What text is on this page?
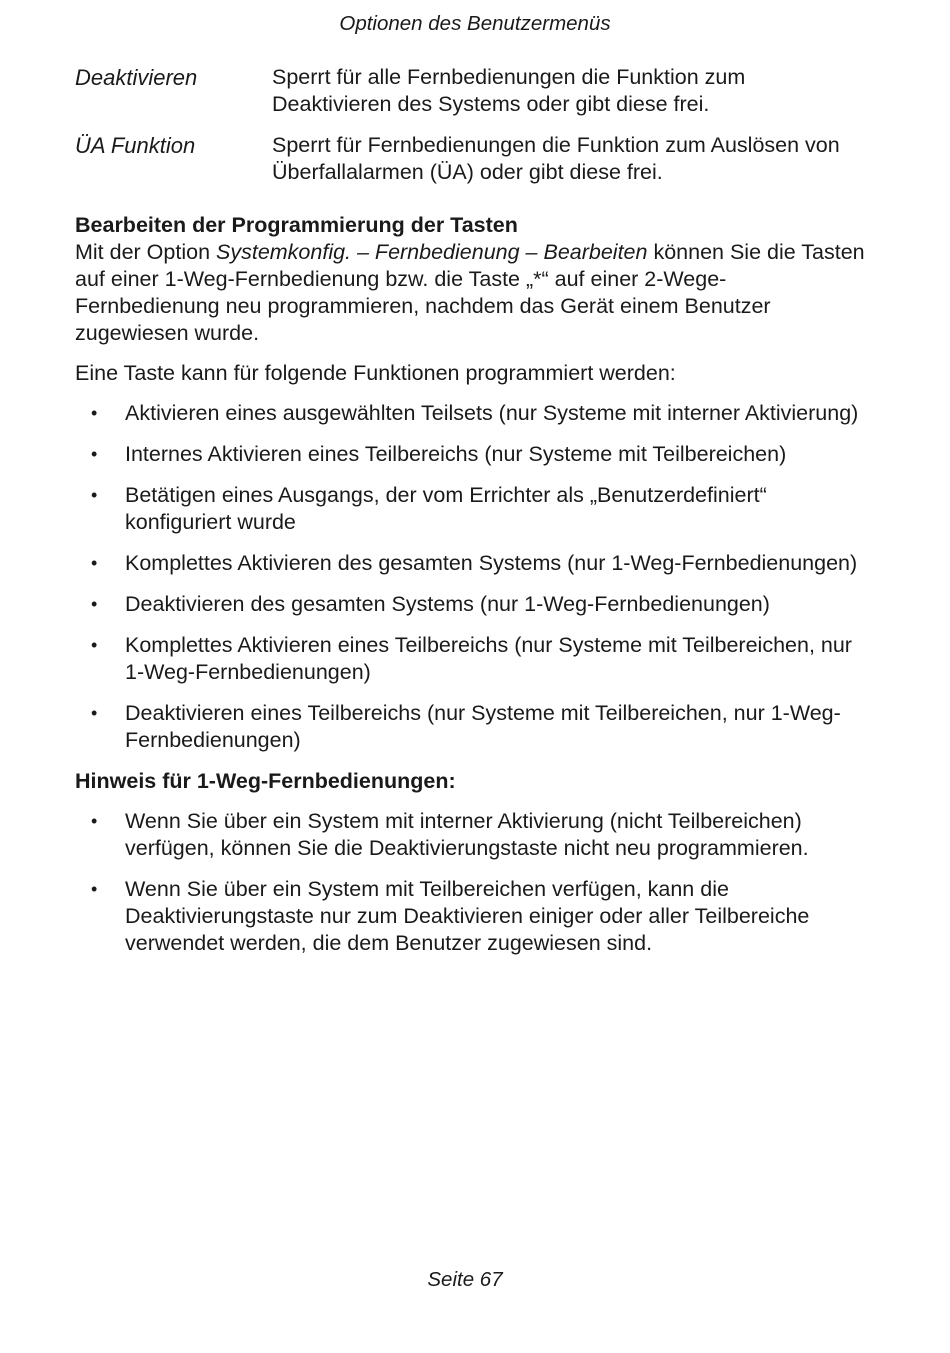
Optionen des Benutzermenüs
Deaktivieren	Sperrt für alle Fernbedienungen die Funktion zum Deaktivieren des Systems oder gibt diese frei.
ÜA Funktion	Sperrt für Fernbedienungen die Funktion zum Auslösen von Überfallalarmen (ÜA) oder gibt diese frei.
Bearbeiten der Programmierung der Tasten

Mit der Option Systemkonfig. – Fernbedienung – Bearbeiten können Sie die Tasten auf einer 1-Weg-Fernbedienung bzw. die Taste „*“ auf einer 2-Wege-Fernbedienung neu programmieren, nachdem das Gerät einem Benutzer zugewiesen wurde.

Eine Taste kann für folgende Funktionen programmiert werden:

• Aktivieren eines ausgewählten Teilsets (nur Systeme mit interner Aktivierung)
• Internes Aktivieren eines Teilbereichs (nur Systeme mit Teilbereichen)
• Betätigen eines Ausgangs, der vom Errichter als „Benutzerdefiniert“ konfiguriert wurde
• Komplettes Aktivieren des gesamten Systems (nur 1-Weg-Fernbedienungen)
• Deaktivieren des gesamten Systems (nur 1-Weg-Fernbedienungen)
• Komplettes Aktivieren eines Teilbereichs (nur Systeme mit Teilbereichen, nur 1-Weg-Fernbedienungen)
• Deaktivieren eines Teilbereichs (nur Systeme mit Teilbereichen, nur 1-Weg-Fernbedienungen)

Hinweis für 1-Weg-Fernbedienungen:

• Wenn Sie über ein System mit interner Aktivierung (nicht Teilbereichen) verfügen, können Sie die Deaktivierungstaste nicht neu programmieren.
• Wenn Sie über ein System mit Teilbereichen verfügen, kann die Deaktivierungstaste nur zum Deaktivieren einiger oder aller Teilbereiche verwendet werden, die dem Benutzer zugewiesen sind.
Seite 67
